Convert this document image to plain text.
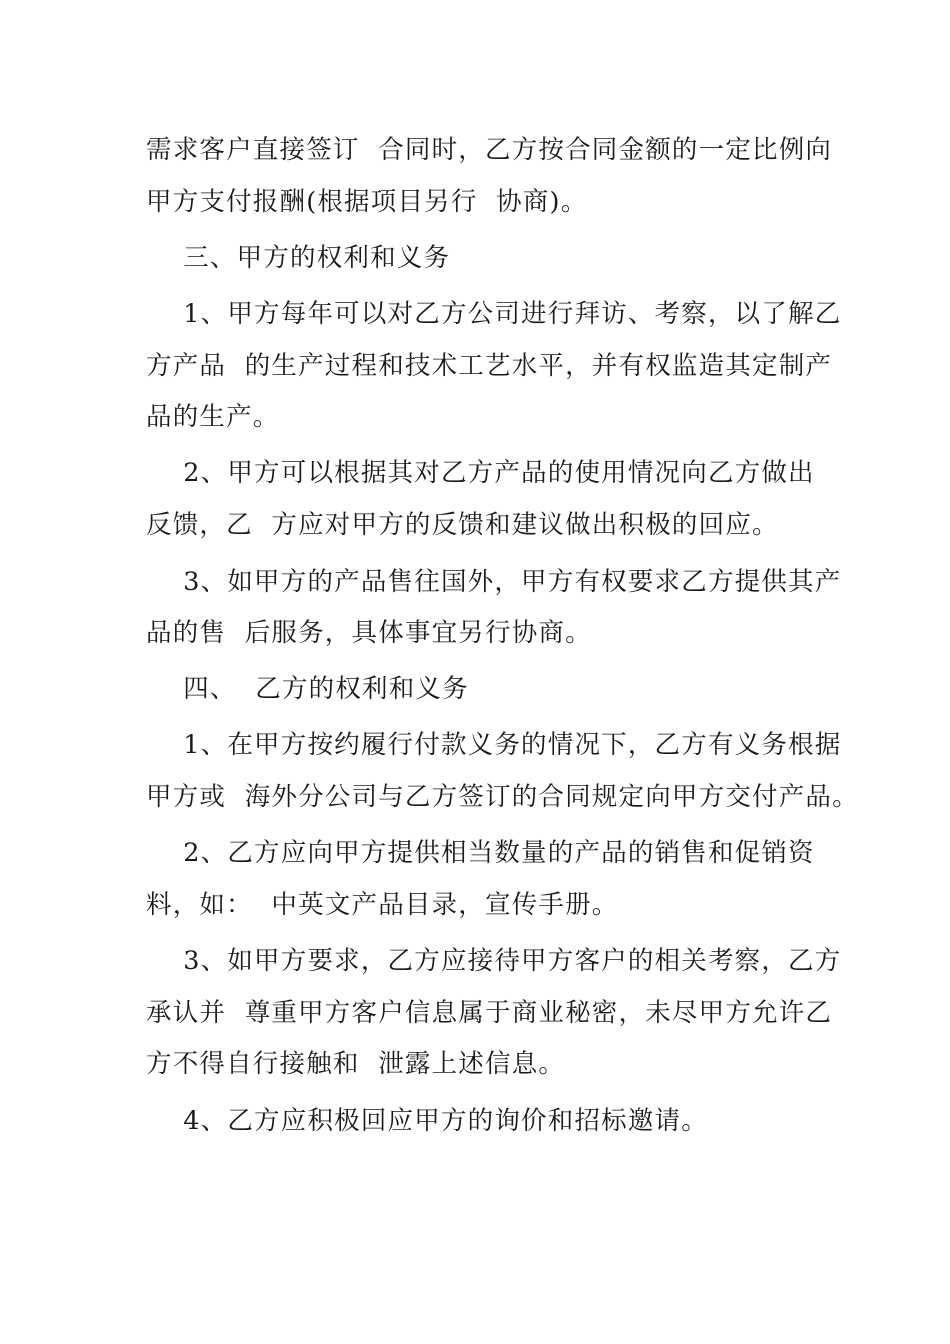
需求客户直接签订  合同时，乙方按合同金额的一定比例向
甲方支付报酬(根据项目另行  协商)。
三、甲方的权利和义务
1、甲方每年可以对乙方公司进行拜访、考察，以了解乙
方产品  的生产过程和技术工艺水平，并有权监造其定制产
品的生产。
2、甲方可以根据其对乙方产品的使用情况向乙方做出
反馈，乙  方应对甲方的反馈和建议做出积极的回应。
3、如甲方的产品售往国外，甲方有权要求乙方提供其产
品的售  后服务，具体事宜另行协商。
四、  乙方的权利和义务
1、在甲方按约履行付款义务的情况下，乙方有义务根据
甲方或  海外分公司与乙方签订的合同规定向甲方交付产品。
2、乙方应向甲方提供相当数量的产品的销售和促销资
料，如：  中英文产品目录，宣传手册。
3、如甲方要求，乙方应接待甲方客户的相关考察，乙方
承认并  尊重甲方客户信息属于商业秘密，未尽甲方允许乙
方不得自行接触和  泄露上述信息。
4、乙方应积极回应甲方的询价和招标邀请。
